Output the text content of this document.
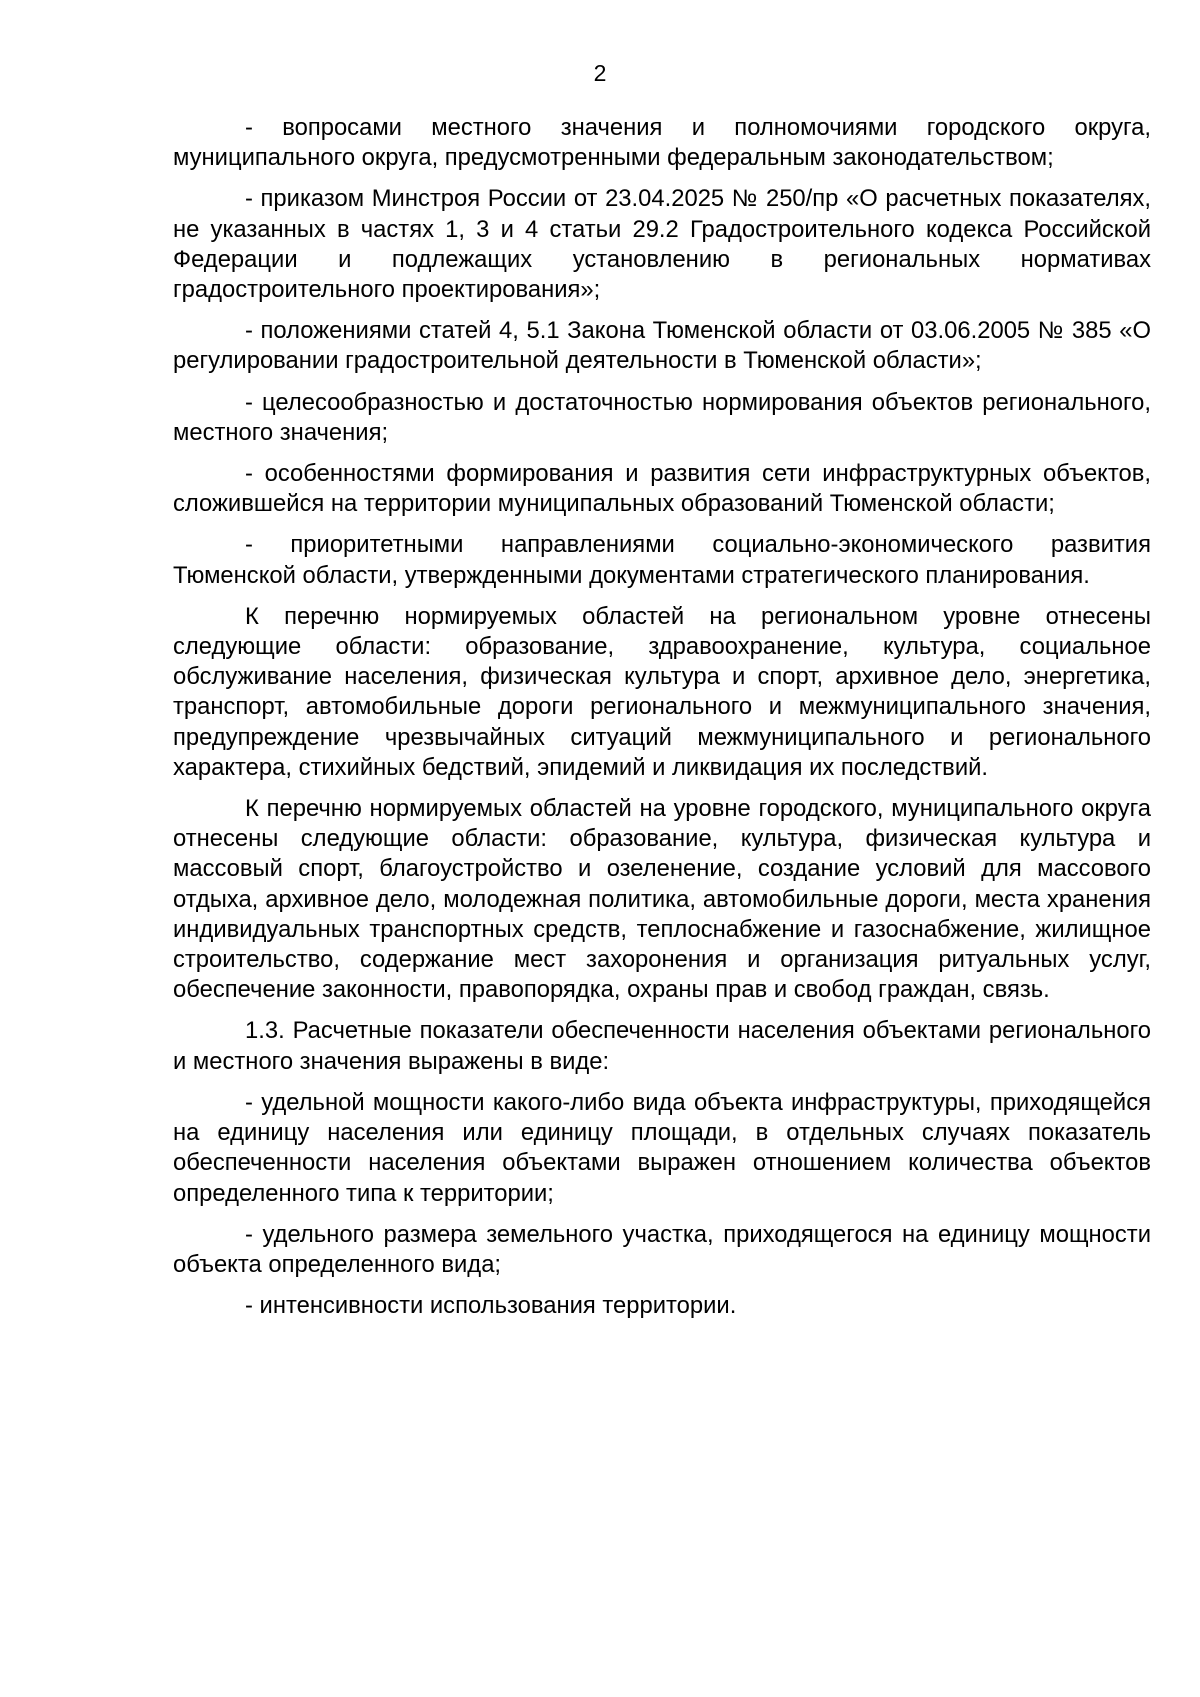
2

- вопросами местного значения и полномочиями городского округа, муниципального округа, предусмотренными федеральным законодательством;

- приказом Минстроя России от 23.04.2025 № 250/пр «О расчетных показателях, не указанных в частях 1, 3 и 4 статьи 29.2 Градостроительного кодекса Российской Федерации и подлежащих установлению в региональных нормативах градостроительного проектирования»;

- положениями статей 4, 5.1 Закона Тюменской области от 03.06.2005 № 385 «О регулировании градостроительной деятельности в Тюменской области»;

- целесообразностью и достаточностью нормирования объектов регионального, местного значения;

- особенностями формирования и развития сети инфраструктурных объектов, сложившейся на территории муниципальных образований Тюменской области;

- приоритетными направлениями социально-экономического развития Тюменской области, утвержденными документами стратегического планирования.

К перечню нормируемых областей на региональном уровне отнесены следующие области: образование, здравоохранение, культура, социальное обслуживание населения, физическая культура и спорт, архивное дело, энергетика, транспорт, автомобильные дороги регионального и межмуниципального значения, предупреждение чрезвычайных ситуаций межмуниципального и регионального характера, стихийных бедствий, эпидемий и ликвидация их последствий.

К перечню нормируемых областей на уровне городского, муниципального округа отнесены следующие области: образование, культура, физическая культура и массовый спорт, благоустройство и озеленение, создание условий для массового отдыха, архивное дело, молодежная политика, автомобильные дороги, места хранения индивидуальных транспортных средств, теплоснабжение и газоснабжение, жилищное строительство, содержание мест захоронения и организация ритуальных услуг, обеспечение законности, правопорядка, охраны прав и свобод граждан, связь.

1.3. Расчетные показатели обеспеченности населения объектами регионального и местного значения выражены в виде:

- удельной мощности какого-либо вида объекта инфраструктуры, приходящейся на единицу населения или единицу площади, в отдельных случаях показатель обеспеченности населения объектами выражен отношением количества объектов определенного типа к территории;

- удельного размера земельного участка, приходящегося на единицу мощности объекта определенного вида;

- интенсивности использования территории.
